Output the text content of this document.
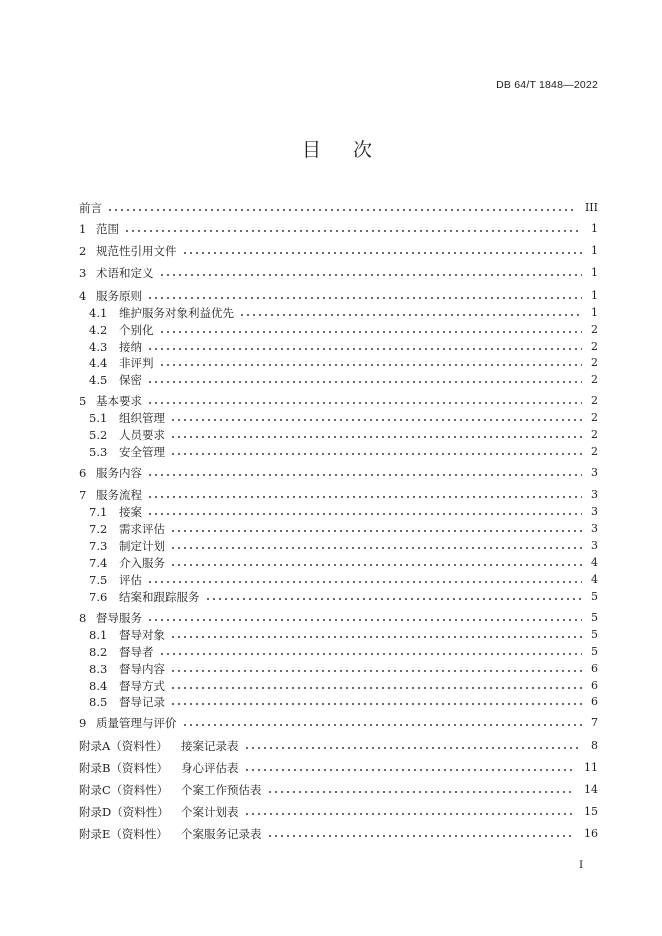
DB 64/T 1848—2022
目 次
前言	III
1 范围	1
2 规范性引用文件	1
3 术语和定义	1
4 服务原则	1
4.1	维护服务对象利益优先	1
4.2	个别化	2
4.3	接纳	2
4.4	非评判	2
4.5	保密	2
5 基本要求	2
5.1	组织管理	2
5.2	人员要求	2
5.3	安全管理	2
6 服务内容	3
7 服务流程	3
7.1	接案	3
7.2	需求评估	3
7.3	制定计划	3
7.4	介入服务	4
7.5	评估	4
7.6	结案和跟踪服务	5
8 督导服务	5
8.1	督导对象	5
8.2	督导者	5
8.3	督导内容	6
8.4	督导方式	6
8.5	督导记录	6
9 质量管理与评价	7
附录A（资料性）	接案记录表	8
附录B（资料性）	身心评估表	11
附录C（资料性）	个案工作预估表	14
附录D（资料性）	个案计划表	15
附录E（资料性）	个案服务记录表	16
I
